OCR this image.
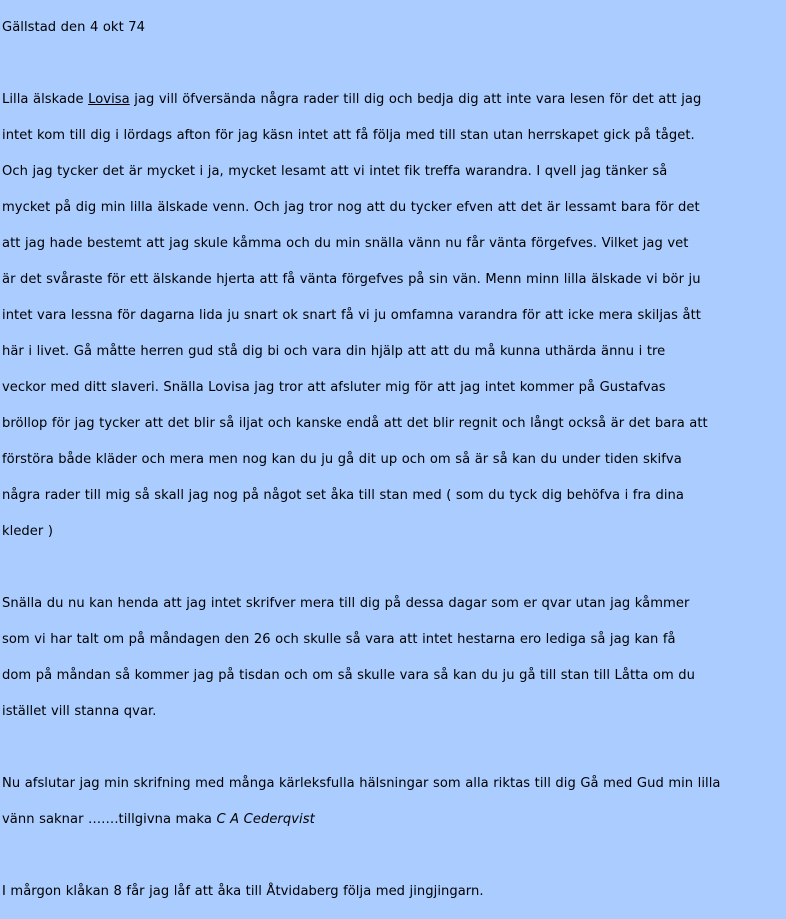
Gällstad den 4 okt 74

Lilla älskade Lovisa jag vill öfversända några rader till dig och bedja dig att inte vara lesen för det att jag

intet kom till dig i lördags afton för jag käsn intet att få följa med till stan utan herrskapet gick på tåget.

Och jag tycker det är mycket i ja, mycket lesamt att vi intet fik treffa warandra. I qvell jag tänker så

mycket på dig min lilla älskade venn. Och jag tror nog att du tycker efven att det är lessamt bara för det

att jag hade bestemt att jag skule kåmma och du min snälla vänn nu får vänta förgefves. Vilket jag vet

är det svåraste för ett älskande hjerta att få vänta förgefves på sin vän. Menn minn lilla älskade vi bör ju

intet vara lessna för dagarna lida ju snart ok snart få vi ju omfamna varandra för att icke mera skiljas ått

här i livet. Gå måtte herren gud stå dig bi och vara din hjälp att att du må kunna uthärda ännu i tre

veckor med ditt slaveri. Snälla Lovisa jag tror att afsluter mig för att jag intet kommer på Gustafvas

bröllop för jag tycker att det blir så iljat och kanske endå att det blir regnit och långt också är det bara att

förstöra både kläder och mera men nog kan du ju gå dit up och om så är så kan du under tiden skifva

några rader till mig så skall jag nog på något set åka till stan med ( som du tyck dig behöfva i fra dina

kleder )

Snälla du nu kan henda att jag intet skrifver mera till dig på dessa dagar som er qvar utan jag kåmmer

som vi har talt om på måndagen den 26 och skulle så vara att intet hestarna ero lediga så jag kan få

dom på måndan så kommer jag på tisdan och om så skulle vara så kan du ju gå till stan till Låtta om du

istället vill stanna qvar.

Nu afslutar jag min skrifning med många kärleksfulla hälsningar som alla riktas till dig Gå med Gud min lilla

vänn saknar …….tillgivna maka C A Cederqvist

I mårgon klåkan 8 får jag låf att åka till Åtvidaberg följa med jingjingarn.
